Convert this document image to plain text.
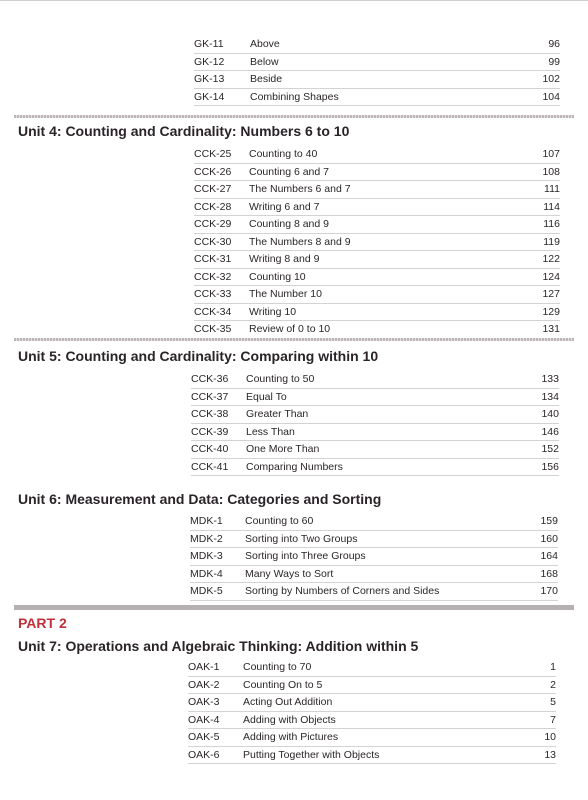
GK-11	Above	96
GK-12 Below	99
GK-13 Beside	102
GK-14 Combining Shapes	104
Unit 4: Counting and Cardinality: Numbers 6 to 10
CCK-25 Counting to 40	107
CCK-26 Counting 6 and 7	108
CCK-27 The Numbers 6 and 7	111
CCK-28 Writing 6 and 7	114
CCK-29 Counting 8 and 9	116
CCK-30 The Numbers 8 and 9	119
CCK-31 Writing 8 and 9	122
CCK-32 Counting 10	124
CCK-33 The Number 10	127
CCK-34 Writing 10	129
CCK-35 Review of 0 to 10	131
Unit 5: Counting and Cardinality: Comparing within 10
CCK-36 Counting to 50	133
CCK-37 Equal To	134
CCK-38 Greater Than	140
CCK-39 Less Than	146
CCK-40 One More Than	152
CCK-41 Comparing Numbers	156
Unit 6: Measurement and Data: Categories and Sorting
MDK-1 Counting to 60	159
MDK-2 Sorting into Two Groups	160
MDK-3 Sorting into Three Groups	164
MDK-4 Many Ways to Sort	168
MDK-5 Sorting by Numbers of Corners and Sides	170
PART 2
Unit 7: Operations and Algebraic Thinking: Addition within 5
OAK-1 Counting to 70	1
OAK-2 Counting On to 5	2
OAK-3 Acting Out Addition	5
OAK-4 Adding with Objects	7
OAK-5 Adding with Pictures	10
OAK-6 Putting Together with Objects	13
